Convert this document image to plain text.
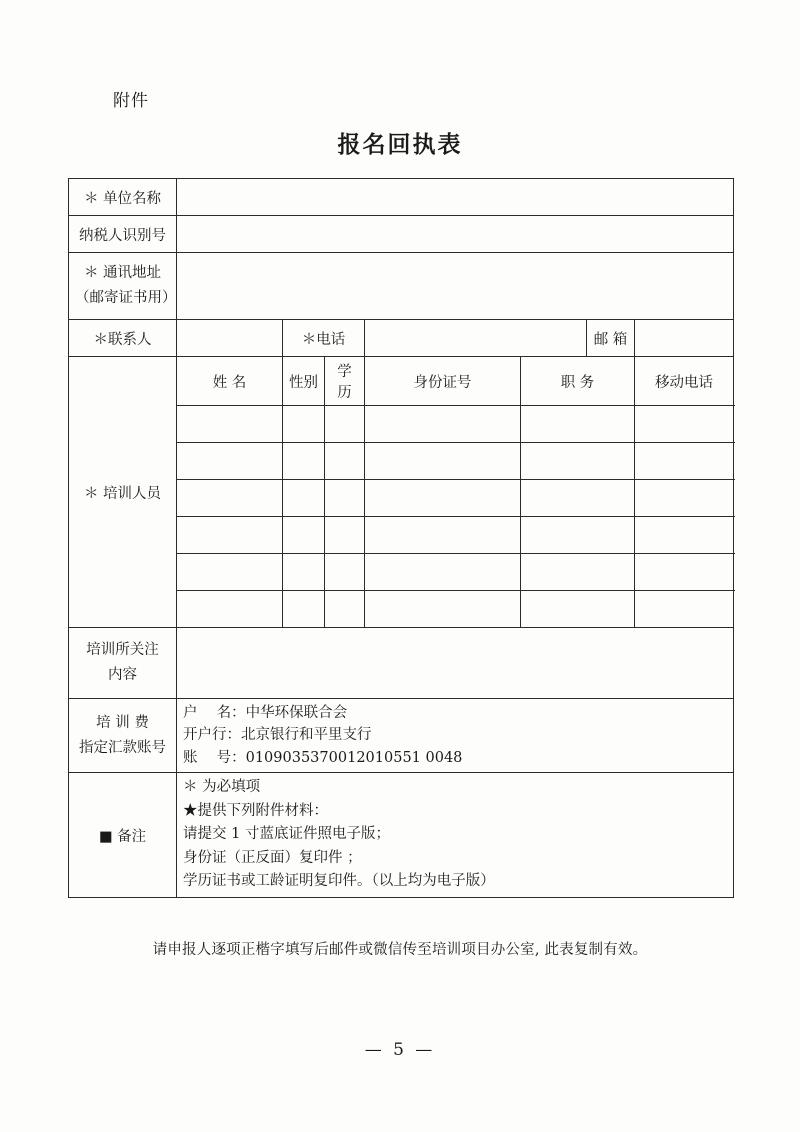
附件
报名回执表
＊ 单位名称							
纳税人识别号							

＊ 通讯地址
（邮寄证书用）							

＊联系人		＊电话				邮 箱	
＊ 培训人员	姓 名	性别	学历	身份证号	职 务		移动电话

培训所关注
内容							

培 训 费
指定汇款账号

户　 名：中华环保联合会
开户行：北京银行和平里支行
账　 号：0109035370012010551 0048

■ 备注	＊ 为必填项
★提供下列附件材料：
请提交 1 寸蓝底证件照电子版；
身份证（正反面）复印件 ；
学历证书或工龄证明复印件。（以上均为电子版）						
请申报人逐项正楷字填写后邮件或微信传至培训项目办公室, 此表复制有效。
— 5 —
